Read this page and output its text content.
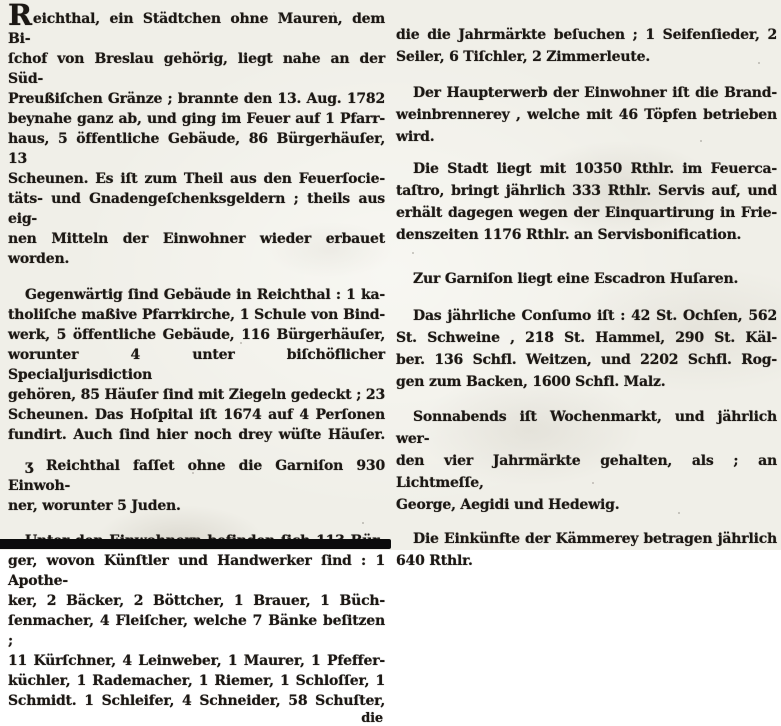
Reichthal, ein Städtchen ohne Mauren, dem Bi-
ſchof von Breslau gehörig, liegt nahe an der Süd-
Preußiſchen Gränze ; brannte den 13. Aug. 1782
beynahe ganz ab, und ging im Feuer auf 1 Pfarr-
haus, 5 öffentliche Gebäude, 86 Bürgerhäuſer, 13
Scheunen. Es iſt zum Theil aus den Feuerſocie-
täts- und Gnadengeſchenksgeldern ; theils aus eig-
nen Mitteln der Einwohner wieder erbauet worden.
Gegenwärtig ſind Gebäude in Reichthal : 1 ka-
tholiſche maßive Pfarrkirche, 1 Schule von Bind-
werk, 5 öffentliche Gebäude, 116 Bürgerhäuſer,
worunter 4 unter biſchöflicher Specialjurisdiction
gehören, 85 Häuſer ſind mit Ziegeln gedeckt ; 23
Scheunen. Das Hoſpital iſt 1674 auf 4 Perſonen
fundirt. Auch ſind hier noch drey wüſte Häuſer.
ʒ Reichthal faſſet ohne die Garniſon 930 Einwoh-
ner, worunter 5 Juden.
ger, wovon Künſtler und Handwerker ſind : 1 Apothe-
ker, 2 Bäcker, 2 Böttcher, 1 Brauer, 1 Büch-
ſenmacher, 4 Fleiſcher, welche 7 Bänke beſitzen ;
11 Kürſchner, 4 Leinweber, 1 Maurer, 1 Pfeffer-
küchler, 1 Rademacher, 1 Riemer, 1 Schloſſer, 1
Schmidt. 1 Schleifer, 4 Schneider, 58 Schuſter,
die
die die Jahrmärkte beſuchen ; 1 Seifenſieder, 2
Seiler, 6 Tiſchler, 2 Zimmerleute.
Der Haupterwerb der Einwohner iſt die Brand-
weinbrennerey , welche mit 46 Töpfen betrieben
wird.
Die Stadt liegt mit 10350 Rthlr. im Feuerca-
taſtro, bringt jährlich 333 Rthlr. Servis auf, und
erhält dagegen wegen der Einquartirung in Frie-
denszeiten 1176 Rthlr. an Servisbonification.
Zur Garniſon liegt eine Escadron Huſaren.
Das jährliche Conſumo iſt : 42 St. Ochſen, 562
St. Schweine , 218 St. Hammel, 290 St. Käl-
ber. 136 Schfl. Weitzen, und 2202 Schfl. Rog-
gen zum Backen, 1600 Schfl. Malz.
Sonnabends iſt Wochenmarkt, und jährlich wer-
den vier Jahrmärkte gehalten, als ; an Lichtmeſſe,
George, Aegidi und Hedewig.
Die Einkünfte der Kämmerey betragen jährlich
640 Rthlr.
